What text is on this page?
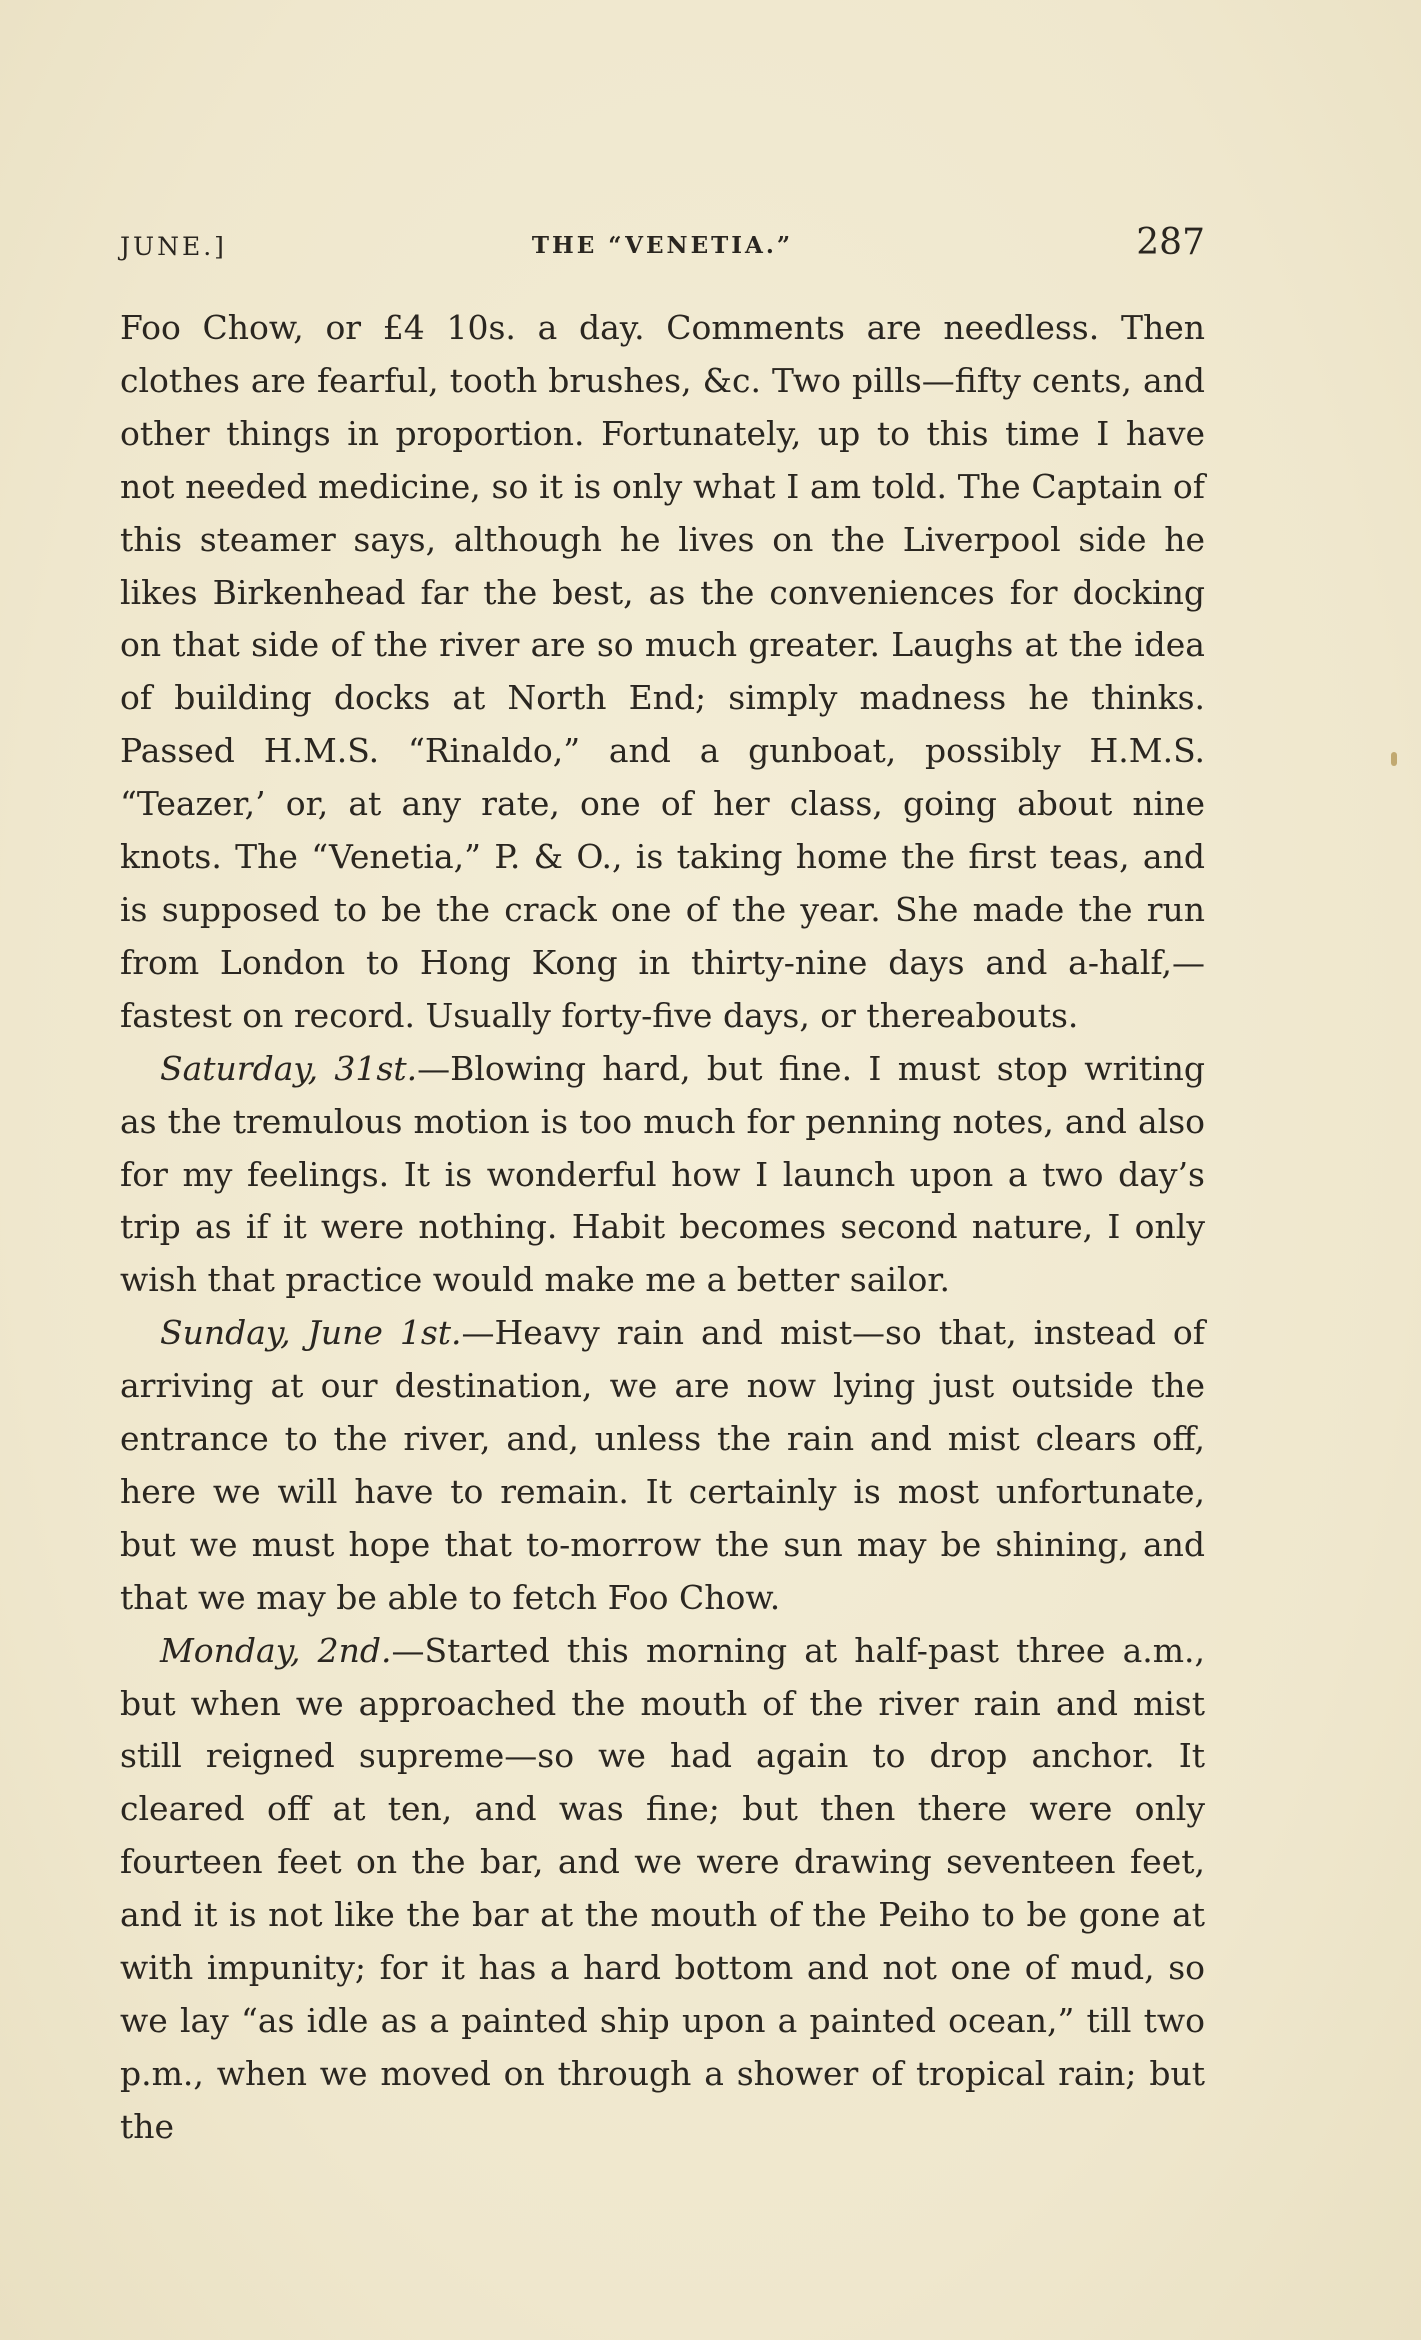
JUNE.]	THE “VENETIA.”	287

Foo Chow, or £4 10s. a day. Comments are needless. Then clothes are fearful, tooth brushes, &c. Two pills—fifty cents, and other things in proportion. Fortunately, up to this time I have not needed medicine, so it is only what I am told. The Captain of this steamer says, although he lives on the Liverpool side he likes Birkenhead far the best, as the conveniences for docking on that side of the river are so much greater. Laughs at the idea of building docks at North End; simply madness he thinks. Passed H.M.S. “Rinaldo,” and a gunboat, possibly H.M.S. “Teazer,’ or, at any rate, one of her class, going about nine knots. The “Venetia,” P. & O., is taking home the first teas, and is supposed to be the crack one of the year. She made the run from London to Hong Kong in thirty-nine days and a-half,—fastest on record. Usually forty-five days, or thereabouts.

Saturday, 31st.—Blowing hard, but fine. I must stop writing as the tremulous motion is too much for penning notes, and also for my feelings. It is wonderful how I launch upon a two day’s trip as if it were nothing. Habit becomes second nature, I only wish that practice would make me a better sailor.

Sunday, June 1st.—Heavy rain and mist—so that, instead of arriving at our destination, we are now lying just outside the entrance to the river, and, unless the rain and mist clears off, here we will have to remain. It certainly is most unfortunate, but we must hope that to-morrow the sun may be shining, and that we may be able to fetch Foo Chow.

Monday, 2nd.—Started this morning at half-past three a.m., but when we approached the mouth of the river rain and mist still reigned supreme—so we had again to drop anchor. It cleared off at ten, and was fine; but then there were only fourteen feet on the bar, and we were drawing seventeen feet, and it is not like the bar at the mouth of the Peiho to be gone at with impunity; for it has a hard bottom and not one of mud, so we lay “as idle as a painted ship upon a painted ocean,” till two p.m., when we moved on through a shower of tropical rain; but the
